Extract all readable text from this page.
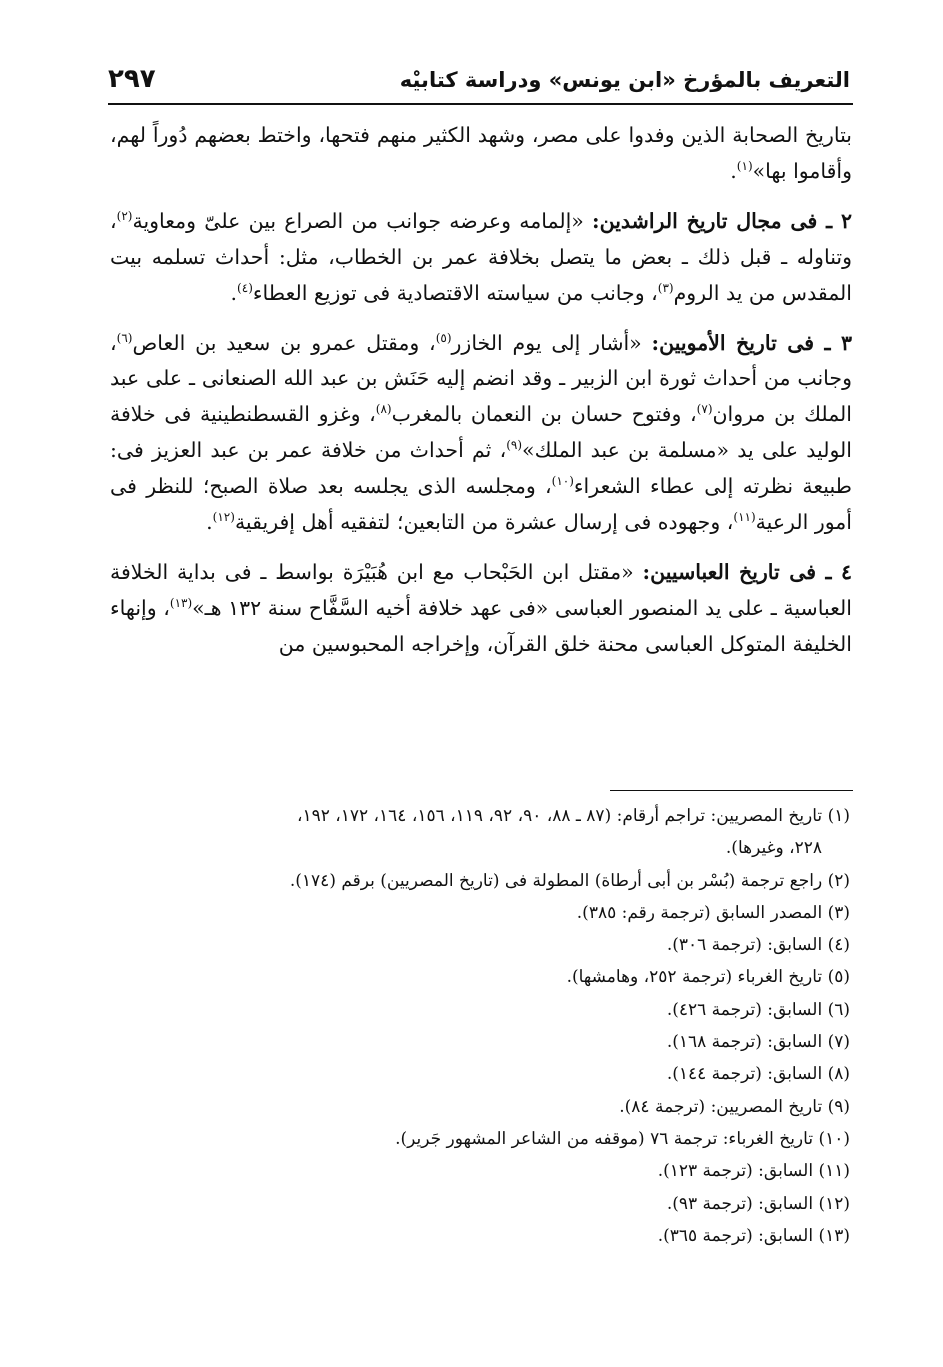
التعريف بالمؤرخ «ابن يونس» ودراسة كتابيْه
٢٩٧

بتاريخ الصحابة الذين وفدوا على مصر، وشهد الكثير منهم فتحها، واختط بعضهم دُوراً لهم، وأقاموا بها»$^{(١)}$.

٢ ـ فى مجال تاريخ الراشدين: «إلمامه وعرضه جوانب من الصراع بين علىّ ومعاوية$^{(٢)}$، وتناوله ـ قبل ذلك ـ بعض ما يتصل بخلافة عمر بن الخطاب، مثل: أحداث تسلمه بيت المقدس من يد الروم$^{(٣)}$، وجانب من سياسته الاقتصادية فى توزيع العطاء$^{(٤)}$.

٣ ـ فى تاريخ الأمويين: «أشار إلى يوم الخازر$^{(٥)}$، ومقتل عمرو بن سعيد بن العاص$^{(٦)}$، وجانب من أحداث ثورة ابن الزبير ـ وقد انضم إليه حَنَش بن عبد الله الصنعانى ـ على عبد الملك بن مروان$^{(٧)}$، وفتوح حسان بن النعمان بالمغرب$^{(٨)}$، وغزو القسطنطينية فى خلافة الوليد على يد «مسلمة بن عبد الملك»$^{(٩)}$، ثم أحداث من خلافة عمر بن عبد العزيز فى: طبيعة نظرته إلى عطاء الشعراء$^{(١٠)}$، ومجلسه الذى يجلسه بعد صلاة الصبح؛ للنظر فى أمور الرعية$^{(١١)}$، وجهوده فى إرسال عشرة من التابعين؛ لتفقيه أهل إفريقية$^{(١٢)}$.

٤ ـ فى تاريخ العباسيين: «مقتل ابن الحَبْحاب مع ابن هُبَيْرَة بواسط ـ فى بداية الخلافة العباسية ـ على يد المنصور العباسى «فى عهد خلافة أخيه السَّفَّاح سنة ١٣٢ هـ»$^{(١٣)}$، وإنهاء الخليفة المتوكل العباسى محنة خلق القرآن، وإخراجه المحبوسين من

(١) تاريخ المصريين: تراجم أرقام: (٨٧ ـ ٨٨، ٩٠، ٩٢، ١١٩، ١٥٦، ١٦٤، ١٧٢، ١٩٢،

٢٢٨، وغيرها).

(٢) راجع ترجمة (بُسْر بن أبى أرطاة) المطولة فى (تاريخ المصريين) برقم (١٧٤).

(٣) المصدر السابق (ترجمة رقم: ٣٨٥).

(٤) السابق: (ترجمة ٣٠٦).

(٥) تاريخ الغرباء (ترجمة ٢٥٢، وهامشها).

(٦) السابق: (ترجمة ٤٢٦).

(٧) السابق: (ترجمة ١٦٨).

(٨) السابق: (ترجمة ١٤٤).

(٩) تاريخ المصريين: (ترجمة ٨٤).

(١٠) تاريخ الغرباء: ترجمة ٧٦ (موقفه من الشاعر المشهور جَرير).

(١١) السابق: (ترجمة ١٢٣).

(١٢) السابق: (ترجمة ٩٣).

(١٣) السابق: (ترجمة ٣٦٥).
